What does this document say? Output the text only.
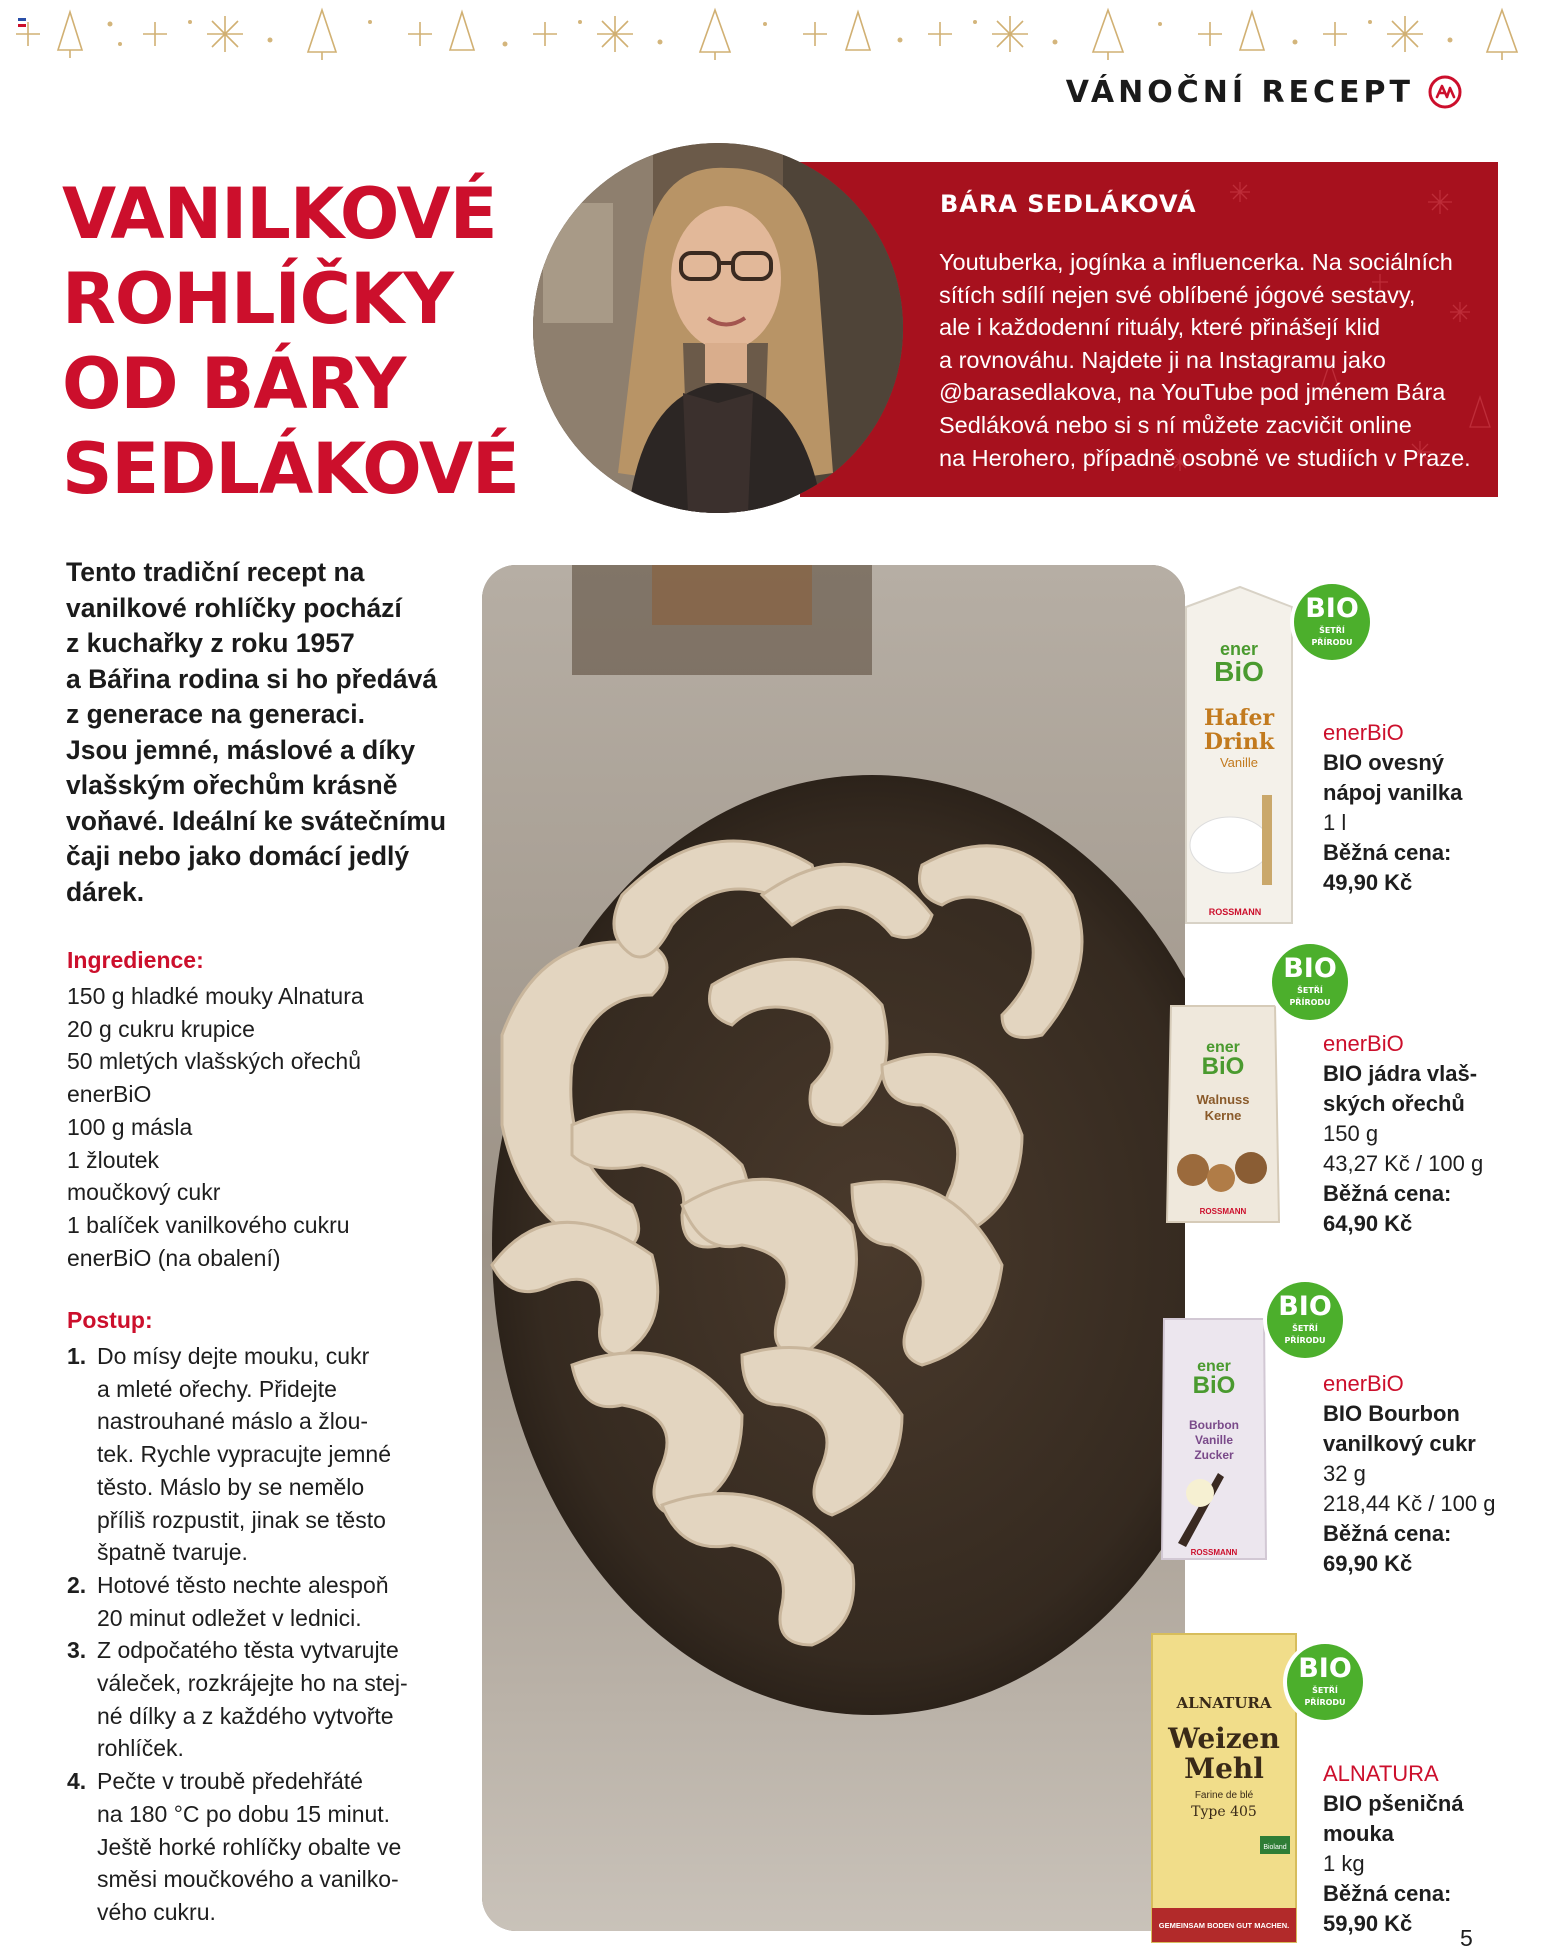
VÁNOČNÍ RECEPT
VANILKOVÉ
ROHLÍČKY
OD BÁRY
SEDLÁKOVÉ
BÁRA SEDLÁKOVÁ
Youtuberka, jogínka a influencerka. Na sociálních
sítích sdílí nejen své oblíbené jógové sestavy,
ale i každodenní rituály, které přinášejí klid
a rovnováhu. Najdete ji na Instagramu jako
@barasedlakova, na YouTube pod jménem Bára
Sedláková nebo si s ní můžete zacvičit online
na Herohero, případně osobně ve studiích v Praze.
Tento tradiční recept na
vanilkové rohlíčky pochází
z kuchařky z roku 1957
a Bářina rodina si ho předává
z generace na generaci.
Jsou jemné, máslové a díky
vlašským ořechům krásně
voňavé. Ideální ke svátečnímu
čaji nebo jako domácí jedlý
dárek.
Ingredience:
150 g hladké mouky Alnatura
20 g cukru krupice
50 mletých vlašských ořechů
enerBiO
100 g másla
1 žloutek
moučkový cukr
1 balíček vanilkového cukru
enerBiO (na obalení)
Postup:
1. Do mísy dejte mouku, cukr
a mleté ořechy. Přidejte
nastrouhané máslo a žlou-
tek. Rychle vypracujte jemné
těsto. Máslo by se nemělo
příliš rozpustit, jinak se těsto
špatně tvaruje.
2. Hotové těsto nechte alespoň
20 minut odležet v lednici.
3. Z odpočatého těsta vytvarujte
váleček, rozkrájejte ho na stej-
né dílky a z každého vytvořte
rohlíček.
4. Pečte v troubě předehřáté
na 180 °C po dobu 15 minut.
Ještě horké rohlíčky obalte ve
směsi moučkového a vanilko-
vého cukru.
ener
BiO
Hafer
Drink
Vanille
ROSSMANN
BIO
ŠETŘÍ
PŘÍRODU
enerBiO
BIO ovesný
nápoj vanilka
1 l
Běžná cena:
49,90 Kč
ener
BiO
Walnuss
Kerne
ROSSMANN
BIO
ŠETŘÍ
PŘÍRODU
enerBiO
BIO jádra vlaš-
ských ořechů
150 g
43,27 Kč / 100 g
Běžná cena:
64,90 Kč
ener
BiO
Bourbon
Vanille
Zucker
ROSSMANN
BIO
ŠETŘÍ
PŘÍRODU
enerBiO
BIO Bourbon
vanilkový cukr
32 g
218,44 Kč / 100 g
Běžná cena:
69,90 Kč
ALNATURA
Weizen
Mehl
Farine de blé
Type 405
Bioland
GEMEINSAM BODEN GUT MACHEN.
BIO
ŠETŘÍ
PŘÍRODU
ALNATURA
BIO pšeničná
mouka
1 kg
Běžná cena:
59,90 Kč
5
